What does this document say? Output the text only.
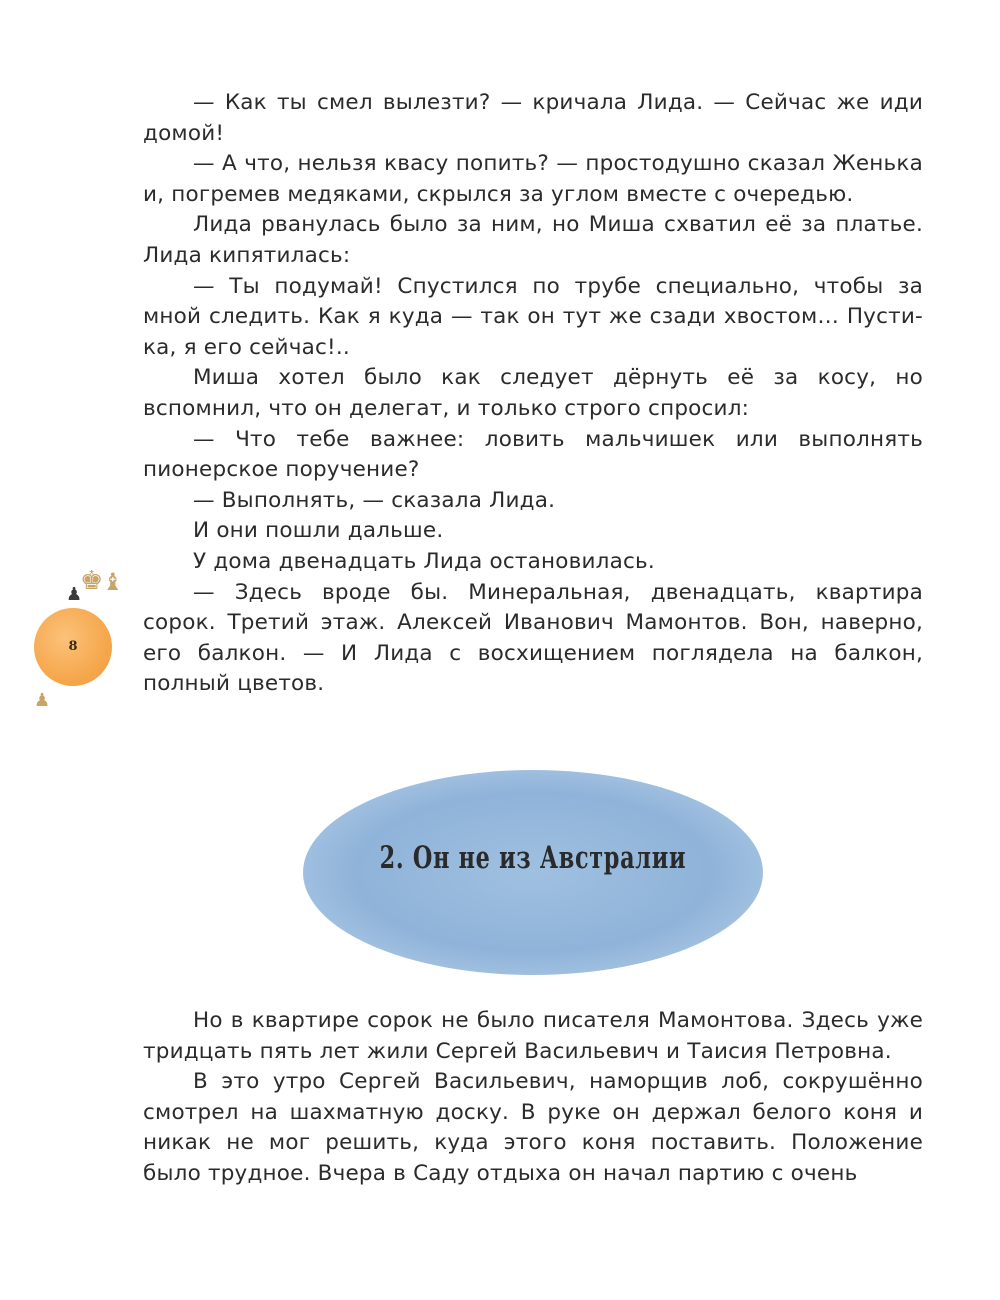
— Как ты смел вылезти? — кричала Лида. — Сейчас же иди домой!

— А что, нельзя квасу попить? — простодушно сказал Женька и, погремев медяками, скрылся за углом вместе с очередью.

Лида рванулась было за ним, но Миша схватил её за платье. Лида кипятилась:

— Ты подумай! Спустился по трубе специально, чтобы за мной следить. Как я куда — так он тут же сзади хвостом… Пусти-ка, я его сейчас!..

Миша хотел было как следует дёрнуть её за косу, но вспомнил, что он делегат, и только строго спросил:

— Что тебе важнее: ловить мальчишек или выполнять пионерское поручение?

— Выполнять, — сказала Лида.

И они пошли дальше.

У дома двенадцать Лида остановилась.

— Здесь вроде бы. Минеральная, двенадцать, квартира сорок. Третий этаж. Алексей Иванович Мамонтов. Вон, наверно, его балкон. — И Лида с восхищением поглядела на балкон, полный цветов.

♟
♚
♝
8
♟
2. Он не из Австралии

Но в квартире сорок не было писателя Мамонтова. Здесь уже тридцать пять лет жили Сергей Васильевич и Таисия Петровна.

В это утро Сергей Васильевич, наморщив лоб, сокрушённо смотрел на шахматную доску. В руке он держал белого коня и никак не мог решить, куда этого коня поставить. Положение было трудное. Вчера в Саду отдыха он начал партию с очень
